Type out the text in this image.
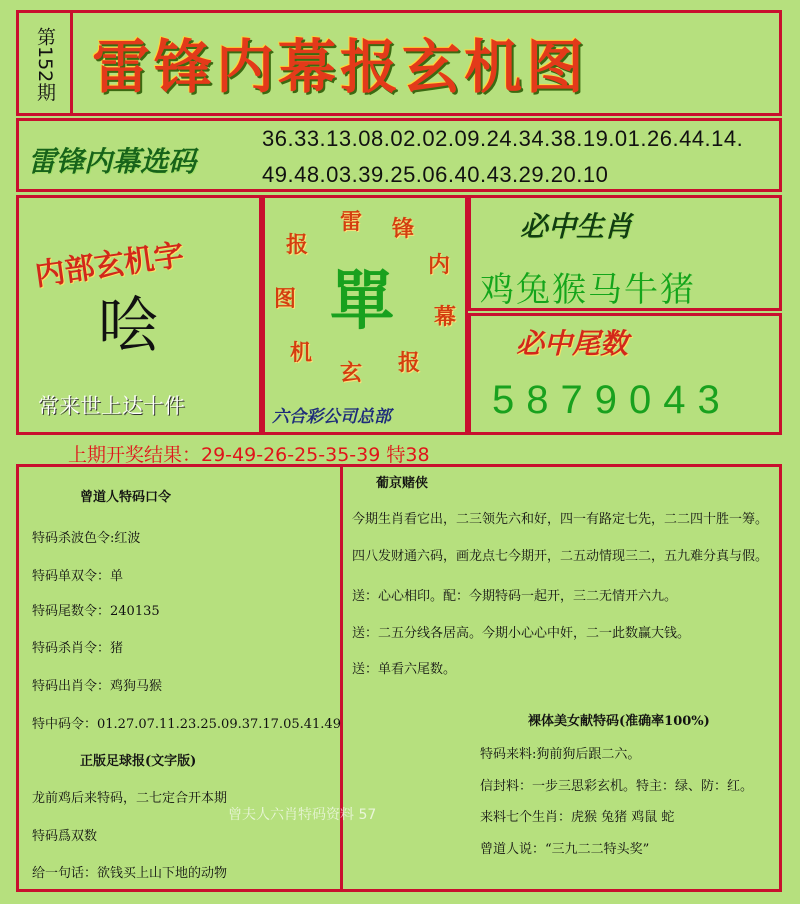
第152期 雷锋内幕报玄机图
雷锋内幕选码
36.33.13.08.02.02.09.24.34.38.19.01.26.44.14.
49.48.03.39.25.06.40.43.29.20.10
内部玄机字
哙
常来世上达十件
單
雷 锋
内
幕
报
玄
机
图
报
六合彩公司总部
必中生肖
鸡兔猴马牛猪
必中尾数
5879043
上期开奖结果：29-49-26-25-35-39 特38
曾道人特码口令
特码杀波色令:红波
特码单双令：单
特码尾数令：240135
特码杀肖令：猪
特码出肖令：鸡狗马猴
特中码令：01.27.07.11.23.25.09.37.17.05.41.49
正版足球报(文字版)
龙前鸡后来特码，二七定合开本期
特码爲双数
给一句话：欲钱买上山下地的动物
葡京赌侠
今期生肖看它出，二三领先六和好，四一有路定七先，二二四十胜一筹。
四八发财通六码，画龙点七今期开，二五动情现三二，五九难分真与假。
送：心心相印。配：今期特码一起开，三二无情开六九。
送：二五分线各居高。今期小心心中奸，二一此数赢大钱。
送：单看六尾数。
裸体美女献特码(准确率100%)
特码来料:狗前狗后跟二六。
信封料：一步三思彩玄机。特主：绿、防：红。
来料七个生肖：虎猴 兔猪 鸡鼠 蛇
曾道人说：“三九二二特头奖”
曾夫人六肖特码资料 57
